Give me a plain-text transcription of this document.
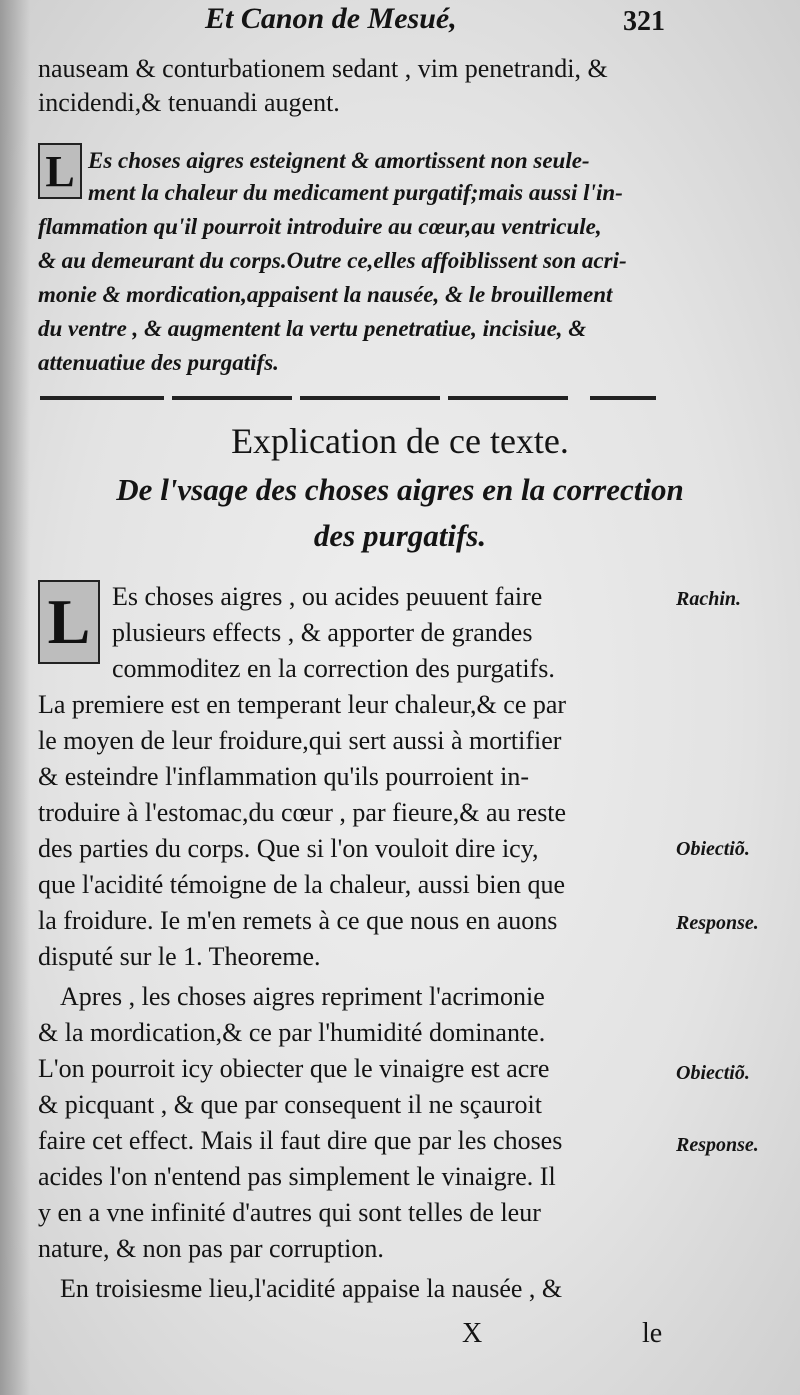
Et Canon de Mesué,	321
nauseam & conturbationem sedant , vim penetrandi, &
incidendi,& tenuandi augent.
L Es choses aigres esteignent & amortissent non seule-
ment la chaleur du medicament purgatif;mais aussi l'in-
flammation qu'il pourroit introduire au cœur,au ventricule,
& au demeurant du corps.Outre ce,elles affoiblissent son acri-
monie & mordication,appaisent la nausée, & le brouillement
du ventre , & augmentent la vertu penetratiue, incisiue, &
attenuatiue des purgatifs.
Explication de ce texte.
De l'vsage des choses aigres en la correction
des purgatifs.
L Es choses aigres , ou acides peuuent faire
plusieurs effects , & apporter de grandes
commoditez en la correction des purgatifs.
La premiere est en temperant leur chaleur,& ce par
le moyen de leur froidure,qui sert aussi à mortifier
& esteindre l'inflammation qu'ils pourroient in-
troduire à l'estomac,du cœur , par fieure,& au reste
des parties du corps. Que si l'on vouloit dire icy,
que l'acidité témoigne de la chaleur, aussi bien que
la froidure. Ie m'en remets à ce que nous en auons
disputé sur le 1. Theoreme.
Apres , les choses aigres repriment l'acrimonie
& la mordication,& ce par l'humidité dominante.
L'on pourroit icy obiecter que le vinaigre est acre
& picquant , & que par consequent il ne sçauroit
faire cet effect. Mais il faut dire que par les choses
acides l'on n'entend pas simplement le vinaigre. Il
y en a vne infinité d'autres qui sont telles de leur
nature, & non pas par corruption.
En troisiesme lieu,l'acidité appaise la nausée , &
Rachin.
Obiectiõ.
Response.
Obiectiõ.
Response.
X	le
